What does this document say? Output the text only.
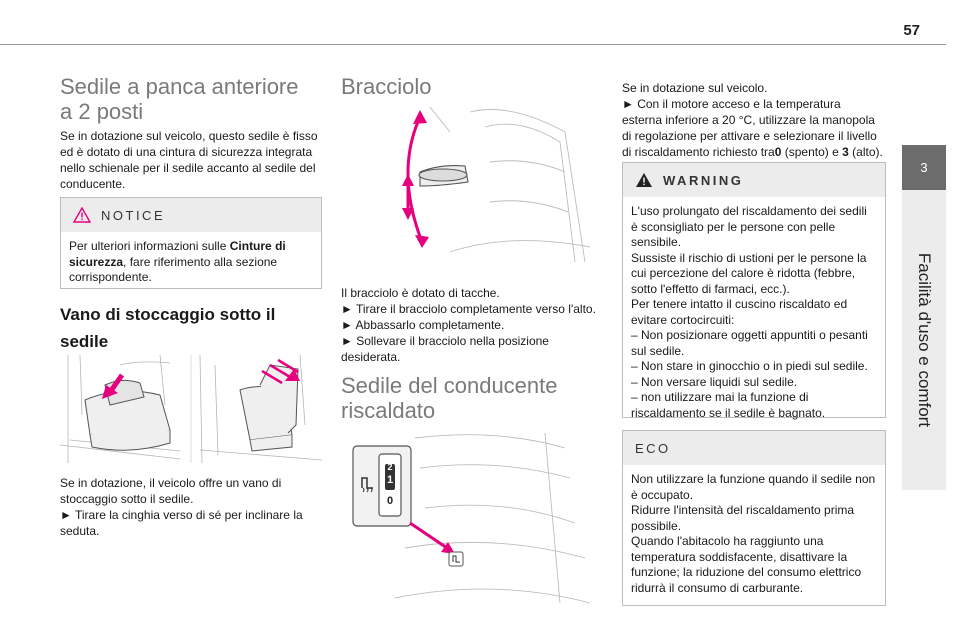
57
3
Facilità d'uso e comfort
Sedile a panca anteriore
a 2 posti
Se in dotazione sul veicolo, questo sedile è fisso
ed è dotato di una cintura di sicurezza integrata
nello schienale per il sedile accanto al sedile del
conducente.
NOTICE
Per ulteriori informazioni sulle Cinture di
sicurezza, fare riferimento alla sezione
corrispondente.
Vano di stoccaggio sotto il
sedile
Se in dotazione, il veicolo offre un vano di
stoccaggio sotto il sedile.
► Tirare la cinghia verso di sé per inclinare la
seduta.
Bracciolo
Il bracciolo è dotato di tacche.
► Tirare il bracciolo completamente verso l'alto.
► Abbassarlo completamente.
► Sollevare il bracciolo nella posizione
desiderata.
Sedile del conducente
riscaldato
2
1
0
Se in dotazione sul veicolo.
► Con il motore acceso e la temperatura
esterna inferiore a 20 °C, utilizzare la manopola
di regolazione per attivare e selezionare il livello
di riscaldamento richiesto tra0 (spento) e 3 (alto).
WARNING
L'uso prolungato del riscaldamento dei sedili
è sconsigliato per le persone con pelle
sensibile.
Sussiste il rischio di ustioni per le persone la
cui percezione del calore è ridotta (febbre,
sotto l'effetto di farmaci, ecc.).
Per tenere intatto il cuscino riscaldato ed
evitare cortocircuiti:
– Non posizionare oggetti appuntiti o pesanti
sul sedile.
– Non stare in ginocchio o in piedi sul sedile.
– Non versare liquidi sul sedile.
– non utilizzare mai la funzione di
riscaldamento se il sedile è bagnato.
ECO
Non utilizzare la funzione quando il sedile non
è occupato.
Ridurre l'intensità del riscaldamento prima
possibile.
Quando l'abitacolo ha raggiunto una
temperatura soddisfacente, disattivare la
funzione; la riduzione del consumo elettrico
ridurrà il consumo di carburante.
